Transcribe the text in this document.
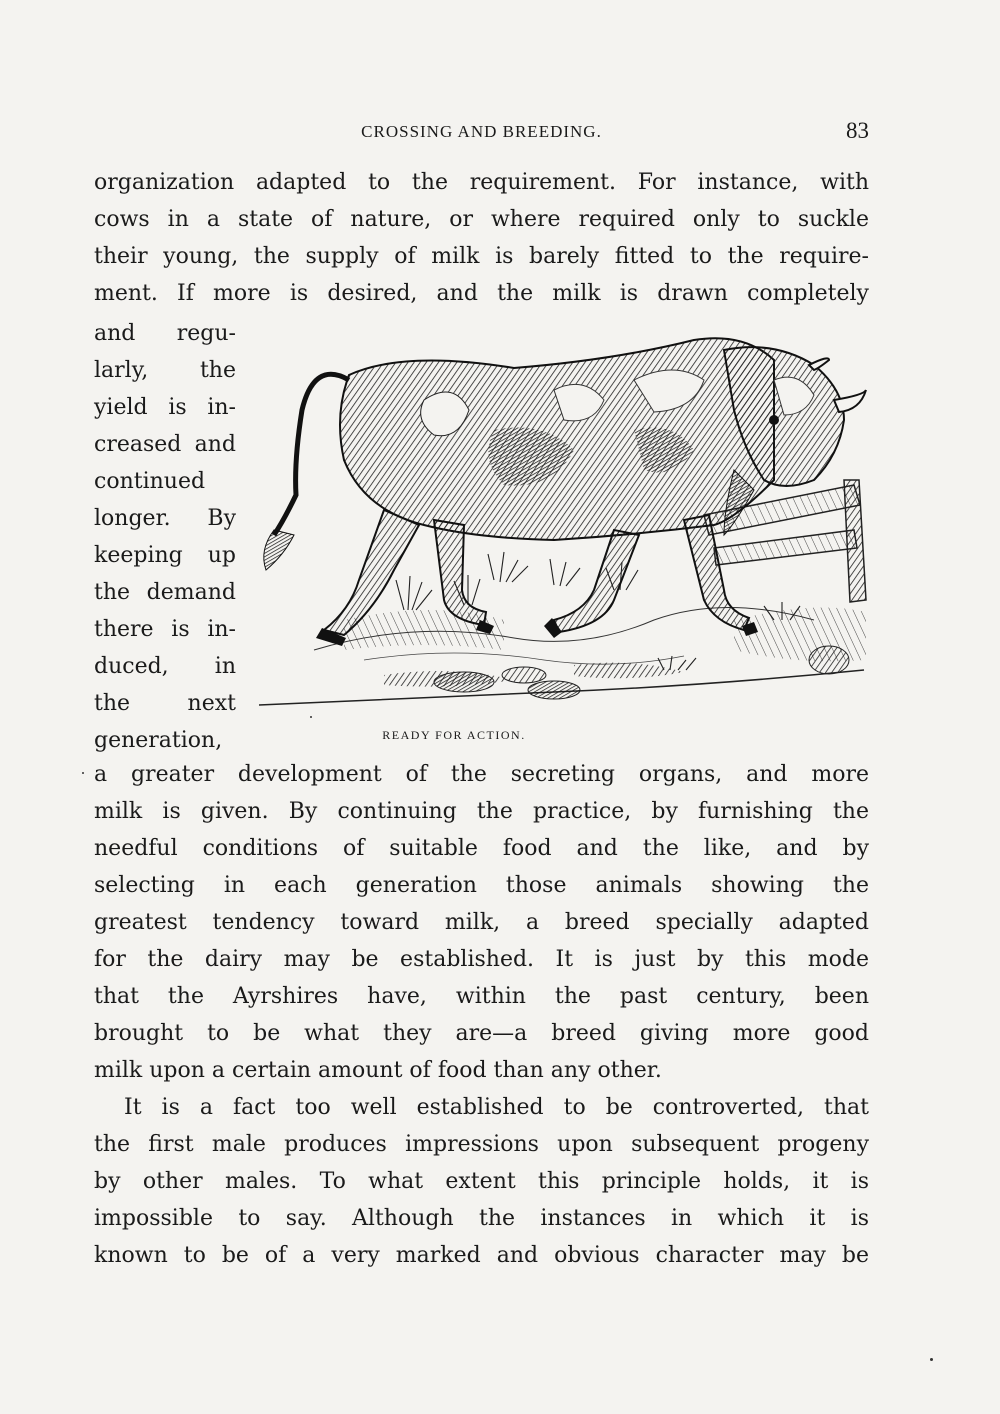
CROSSING AND BREEDING.	83
organization adapted to the requirement. For instance, with
cows in a state of nature, or where required only to suckle
their young, the supply of milk is barely fitted to the require-
ment. If more is desired, and the milk is drawn completely
and regu-
larly, the
yield is in-
creased and
continued
longer. By
keeping up
the demand
there is in-
duced, in
the next
generation,	READY FOR ACTION.
a greater development of the secreting organs, and more
milk is given. By continuing the practice, by furnishing the
needful conditions of suitable food and the like, and by
selecting in each generation those animals showing the
greatest tendency toward milk, a breed specially adapted
for the dairy may be established. It is just by this mode
that the Ayrshires have, within the past century, been
brought to be what they are—a breed giving more good
milk upon a certain amount of food than any other.
It is a fact too well established to be controverted, that
the first male produces impressions upon subsequent progeny
by other males. To what extent this principle holds, it is
impossible to say. Although the instances in which it is
known to be of a very marked and obvious character may be
